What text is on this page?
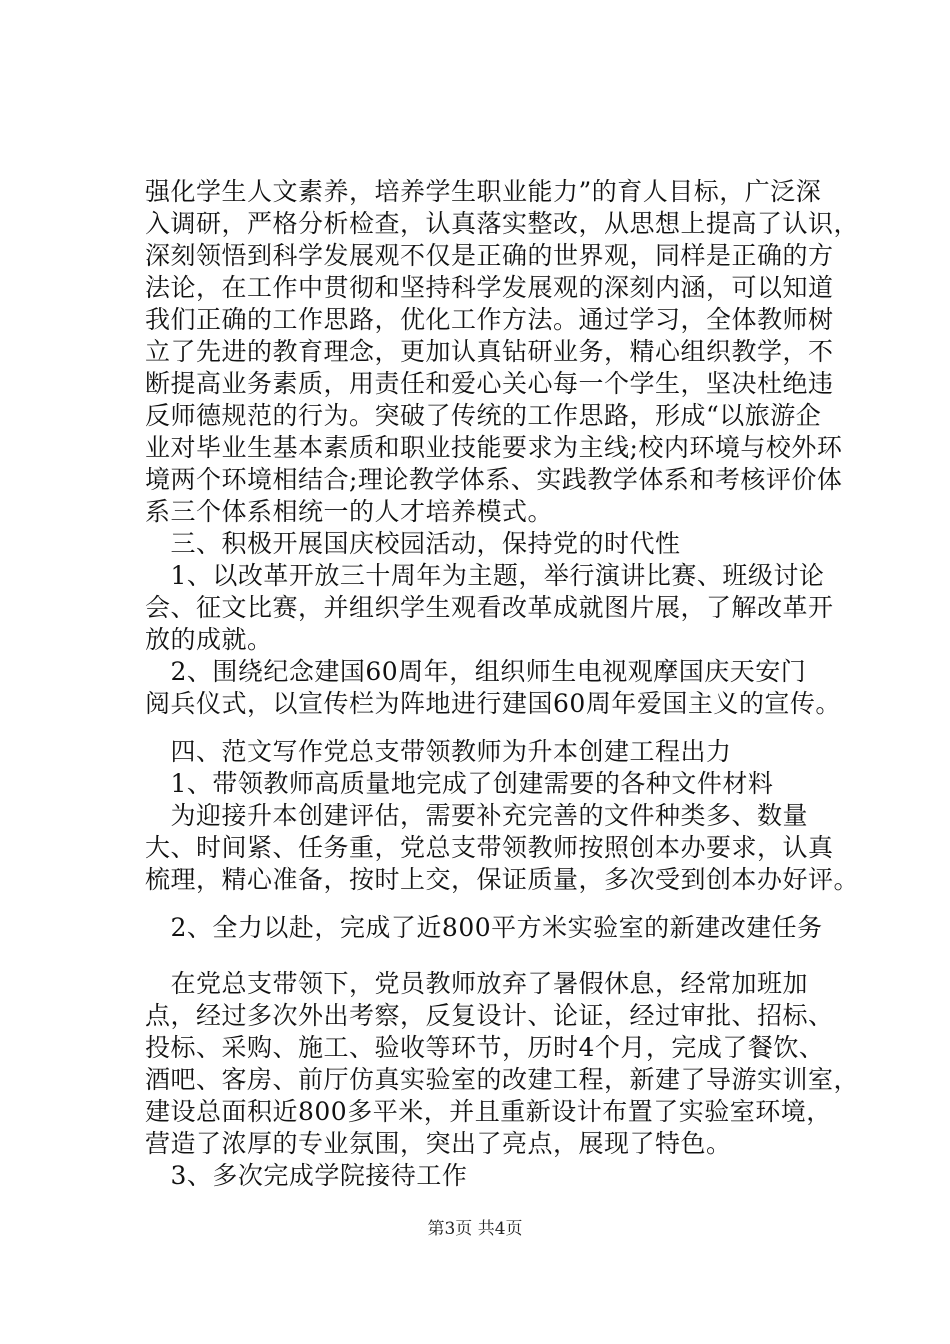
强化学生人文素养，培养学生职业能力”的育人目标，广泛深
入调研，严格分析检查，认真落实整改，从思想上提高了认识，
深刻领悟到科学发展观不仅是正确的世界观，同样是正确的方
法论，在工作中贯彻和坚持科学发展观的深刻内涵，可以知道
我们正确的工作思路，优化工作方法。通过学习，全体教师树
立了先进的教育理念，更加认真钻研业务，精心组织教学，不
断提高业务素质，用责任和爱心关心每一个学生，坚决杜绝违
反师德规范的行为。突破了传统的工作思路，形成“以旅游企
业对毕业生基本素质和职业技能要求为主线;校内环境与校外环
境两个环境相结合;理论教学体系、实践教学体系和考核评价体
系三个体系相统一的人才培养模式。
　三、积极开展国庆校园活动，保持党的时代性
　1、以改革开放三十周年为主题，举行演讲比赛、班级讨论
会、征文比赛，并组织学生观看改革成就图片展，了解改革开
放的成就。
　2、围绕纪念建国60周年，组织师生电视观摩国庆天安门
阅兵仪式，以宣传栏为阵地进行建国60周年爱国主义的宣传。
　四、范文写作党总支带领教师为升本创建工程出力
　1、带领教师高质量地完成了创建需要的各种文件材料
　为迎接升本创建评估，需要补充完善的文件种类多、数量
大、时间紧、任务重，党总支带领教师按照创本办要求，认真
梳理，精心准备，按时上交，保证质量，多次受到创本办好评。
　2、全力以赴，完成了近800平方米实验室的新建改建任务
　在党总支带领下，党员教师放弃了暑假休息，经常加班加
点，经过多次外出考察，反复设计、论证，经过审批、招标、
投标、采购、施工、验收等环节，历时4个月，完成了餐饮、
酒吧、客房、前厅仿真实验室的改建工程，新建了导游实训室，
建设总面积近800多平米，并且重新设计布置了实验室环境，
营造了浓厚的专业氛围，突出了亮点，展现了特色。
　3、多次完成学院接待工作
第3页 共4页
